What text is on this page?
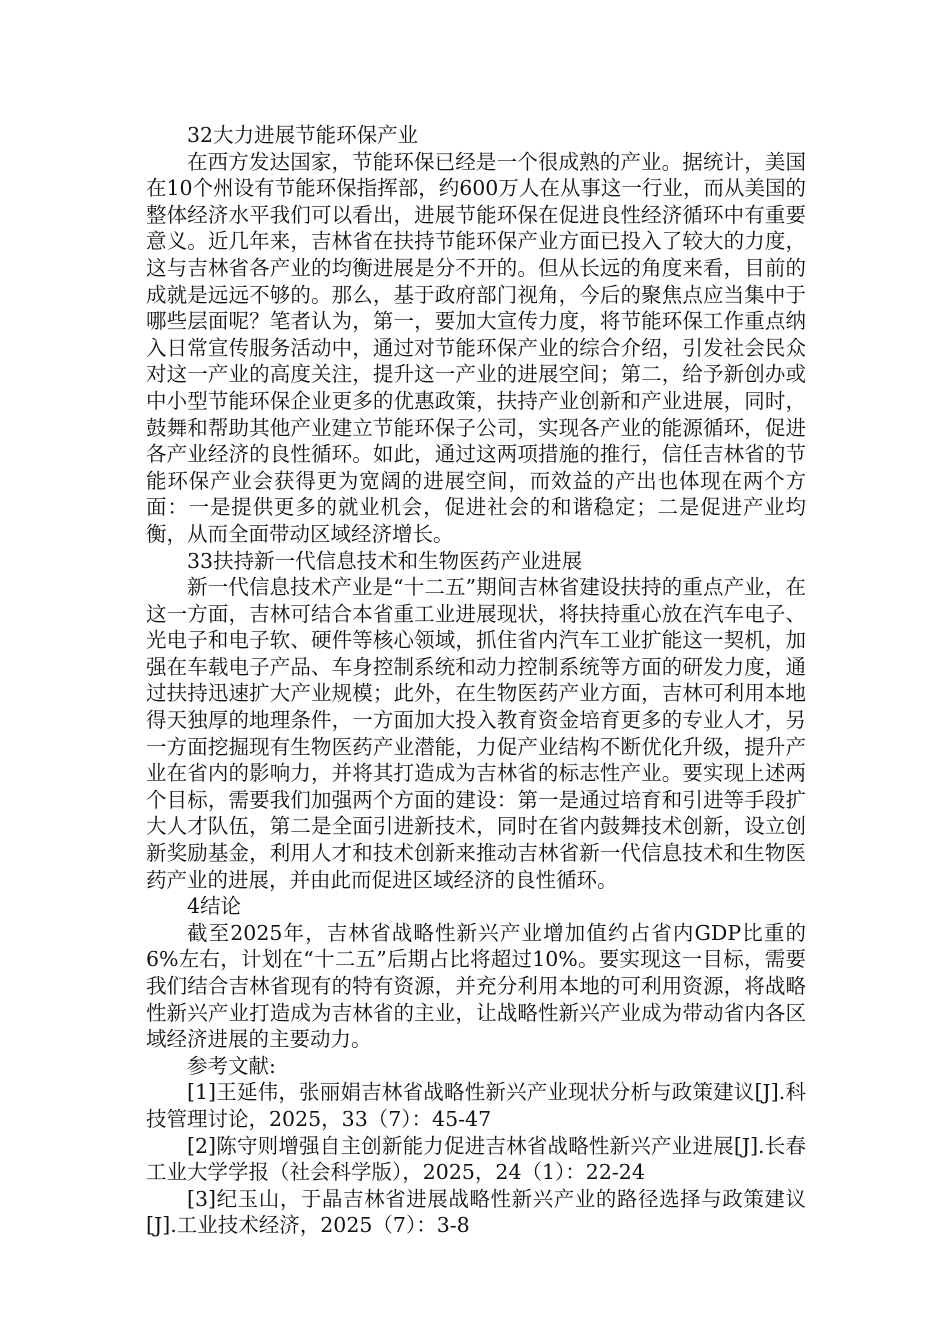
32大力进展节能环保产业

在西方发达国家，节能环保已经是一个很成熟的产业。据统计，美国在10个州设有节能环保指挥部，约600万人在从事这一行业，而从美国的整体经济水平我们可以看出，进展节能环保在促进良性经济循环中有重要意义。近几年来，吉林省在扶持节能环保产业方面已投入了较大的力度，这与吉林省各产业的均衡进展是分不开的。但从长远的角度来看，目前的成就是远远不够的。那么，基于政府部门视角，今后的聚焦点应当集中于哪些层面呢？笔者认为，第一，要加大宣传力度，将节能环保工作重点纳入日常宣传服务活动中，通过对节能环保产业的综合介绍，引发社会民众对这一产业的高度关注，提升这一产业的进展空间；第二，给予新创办或中小型节能环保企业更多的优惠政策，扶持产业创新和产业进展，同时，鼓舞和帮助其他产业建立节能环保子公司，实现各产业的能源循环，促进各产业经济的良性循环。如此，通过这两项措施的推行，信任吉林省的节能环保产业会获得更为宽阔的进展空间，而效益的产出也体现在两个方面：一是提供更多的就业机会，促进社会的和谐稳定；二是促进产业均衡，从而全面带动区域经济增长。

33扶持新一代信息技术和生物医药产业进展

新一代信息技术产业是“十二五”期间吉林省建设扶持的重点产业，在这一方面，吉林可结合本省重工业进展现状，将扶持重心放在汽车电子、光电子和电子软、硬件等核心领域，抓住省内汽车工业扩能这一契机，加强在车载电子产品、车身控制系统和动力控制系统等方面的研发力度，通过扶持迅速扩大产业规模；此外，在生物医药产业方面，吉林可利用本地得天独厚的地理条件，一方面加大投入教育资金培育更多的专业人才，另一方面挖掘现有生物医药产业潜能，力促产业结构不断优化升级，提升产业在省内的影响力，并将其打造成为吉林省的标志性产业。要实现上述两个目标，需要我们加强两个方面的建设：第一是通过培育和引进等手段扩大人才队伍，第二是全面引进新技术，同时在省内鼓舞技术创新，设立创新奖励基金，利用人才和技术创新来推动吉林省新一代信息技术和生物医药产业的进展，并由此而促进区域经济的良性循环。

4结论

截至2025年，吉林省战略性新兴产业增加值约占省内GDP比重的6%左右，计划在“十二五”后期占比将超过10%。要实现这一目标，需要我们结合吉林省现有的特有资源，并充分利用本地的可利用资源，将战略性新兴产业打造成为吉林省的主业，让战略性新兴产业成为带动省内各区域经济进展的主要动力。

参考文献:

[1]王延伟，张丽娟吉林省战略性新兴产业现状分析与政策建议[J].科技管理讨论，2025，33（7）：45-47

[2]陈守则增强自主创新能力促进吉林省战略性新兴产业进展[J].长春工业大学学报（社会科学版），2025，24（1）：22-24

[3]纪玉山，于晶吉林省进展战略性新兴产业的路径选择与政策建议[J].工业技术经济，2025（7）：3-8
